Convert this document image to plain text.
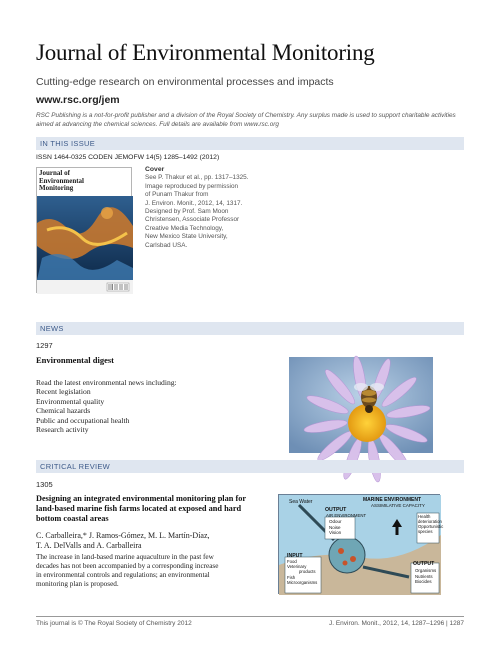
Journal of Environmental Monitoring
Cutting-edge research on environmental processes and impacts
www.rsc.org/jem
RSC Publishing is a not-for-profit publisher and a division of the Royal Society of Chemistry. Any surplus made is used to support charitable activities aimed at advancing the chemical sciences. Full details are available from www.rsc.org
IN THIS ISSUE
ISSN 1464-0325 CODEN JEMOFW 14(5) 1285–1492 (2012)
Journal of
Environmental
Monitoring
Cover
See P. Thakur et al., pp. 1317–1325.
Image reproduced by permission
of Punam Thakur from
J. Environ. Monit., 2012, 14, 1317.
Designed by Prof. Sam Moon
Christensen, Associate Professor
Creative Media Technology,
New Mexico State University,
Carlsbad USA.
NEWS
1297
Environmental digest
Read the latest environmental news including:
Recent legislation
Environmental quality
Chemical hazards
Public and occupational health
Research activity
CRITICAL REVIEW
1305
Designing an integrated environmental monitoring plan for
land-based marine fish farms located at exposed and hard
bottom coastal areas
C. Carballeira,* J. Ramos-Gómez, M. L. Martín-Díaz,
T. A. DelValls and A. Carballeira
The increase in land-based marine aquaculture in the past few
decades has not been accompanied by a corresponding increase
in environmental controls and regulations; an environmental
monitoring plan is proposed.
Sea Water	MARINE ENVIRONMENT
ASSIMILATIVE CAPACITY
Health
deterioration
Opportunistic
species
OUTPUT
AIR ENVIRONMENT
Odour
Noise
Vision
INPUT
Food
Veterinary
products
Fish
Microorganisms
OUTPUT
Organisms
Nutrients
Biocides
This journal is © The Royal Society of Chemistry 2012	J. Environ. Monit., 2012, 14, 1287–1296 | 1287
